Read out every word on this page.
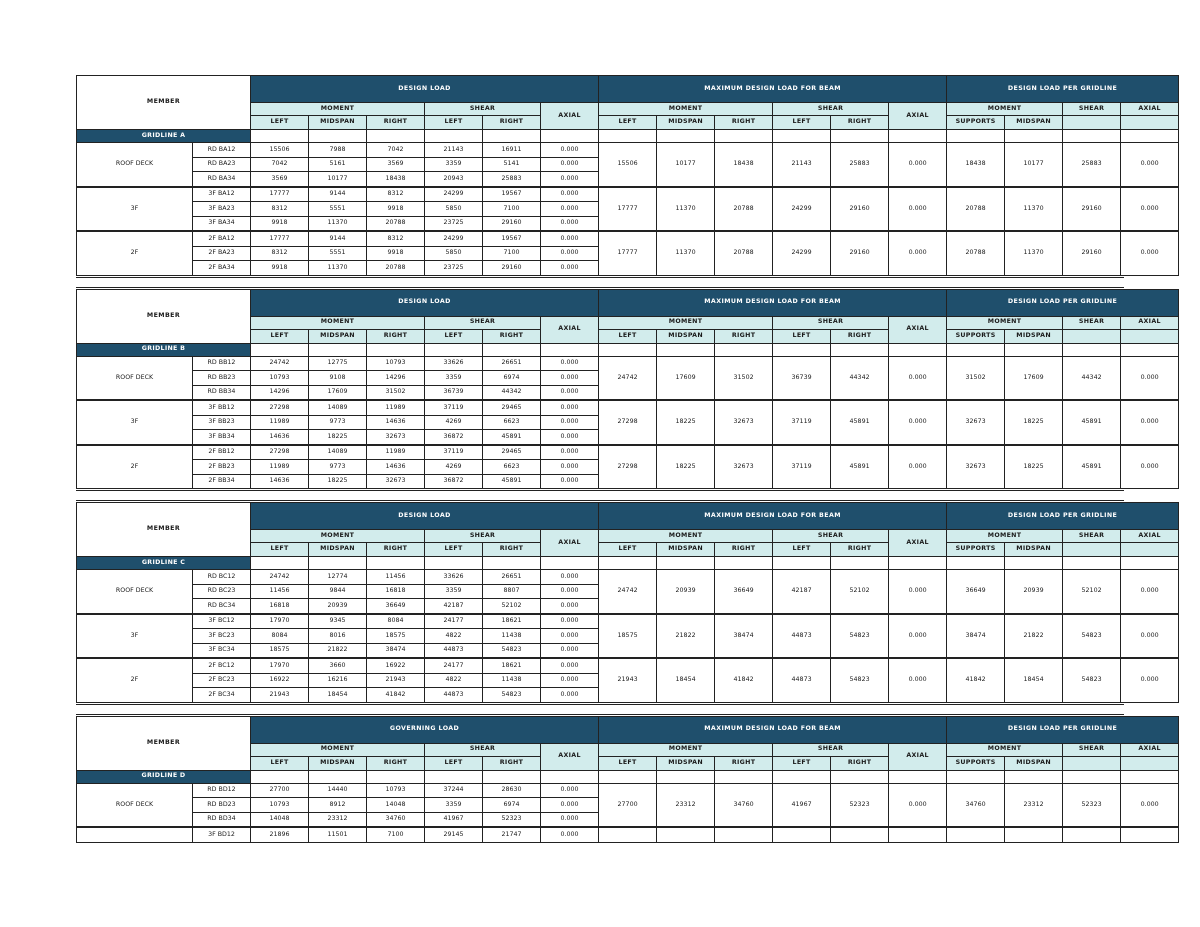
MEMBER		DESIGN LOAD						MAXIMUM DESIGN LOAD FOR BEAM						DESIGN LOAD PER GRIDLINE			
		MOMENT			SHEAR		AXIAL	MOMENT			SHEAR		AXIAL	MOMENT		SHEAR	AXIAL
		LEFT	MIDSPAN	RIGHT	LEFT	RIGHT		LEFT	MIDSPAN	RIGHT	LEFT	RIGHT		SUPPORTS	MIDSPAN		
GRIDLINE A																	
ROOF DECK	RD BA12	15506	7988	7042	21143	16911	0.000	15506	10177	18438	21143	25883	0.000	18438	10177	25883	0.000
	RD BA23	7042	5161	3569	3359	5141	0.000										
	RD BA34	3569	10177	18438	20943	25883	0.000										
3F	3F BA12	17777	9144	8312	24299	19567	0.000	17777	11370	20788	24299	29160	0.000	20788	11370	29160	0.000
	3F BA23	8312	5551	9918	5850	7100	0.000										
	3F BA34	9918	11370	20788	23725	29160	0.000										
2F	2F BA12	17777	9144	8312	24299	19567	0.000	17777	11370	20788	24299	29160	0.000	20788	11370	29160	0.000
	2F BA23	8312	5551	9918	5850	7100	0.000										
	2F BA34	9918	11370	20788	23725	29160	0.000										
MEMBER		DESIGN LOAD						MAXIMUM DESIGN LOAD FOR BEAM						DESIGN LOAD PER GRIDLINE			
		MOMENT			SHEAR		AXIAL	MOMENT			SHEAR		AXIAL	MOMENT		SHEAR	AXIAL
		LEFT	MIDSPAN	RIGHT	LEFT	RIGHT		LEFT	MIDSPAN	RIGHT	LEFT	RIGHT		SUPPORTS	MIDSPAN		
GRIDLINE B																	
ROOF DECK	RD BB12	24742	12775	10793	33626	26651	0.000	24742	17609	31502	36739	44342	0.000	31502	17609	44342	0.000
	RD BB23	10793	9108	14296	3359	6974	0.000										
	RD BB34	14296	17609	31502	36739	44342	0.000										
3F	3F BB12	27298	14089	11989	37119	29465	0.000	27298	18225	32673	37119	45891	0.000	32673	18225	45891	0.000
	3F BB23	11989	9773	14636	4269	6623	0.000										
	3F BB34	14636	18225	32673	36872	45891	0.000										
2F	2F BB12	27298	14089	11989	37119	29465	0.000	27298	18225	32673	37119	45891	0.000	32673	18225	45891	0.000
	2F BB23	11989	9773	14636	4269	6623	0.000										
	2F BB34	14636	18225	32673	36872	45891	0.000										
MEMBER		DESIGN LOAD						MAXIMUM DESIGN LOAD FOR BEAM						DESIGN LOAD PER GRIDLINE			
		MOMENT			SHEAR		AXIAL	MOMENT			SHEAR		AXIAL	MOMENT		SHEAR	AXIAL
		LEFT	MIDSPAN	RIGHT	LEFT	RIGHT		LEFT	MIDSPAN	RIGHT	LEFT	RIGHT		SUPPORTS	MIDSPAN		
GRIDLINE C																	
ROOF DECK	RD BC12	24742	12774	11456	33626	26651	0.000	24742	20939	36649	42187	52102	0.000	36649	20939	52102	0.000
	RD BC23	11456	9844	16818	3359	8807	0.000										
	RD BC34	16818	20939	36649	42187	52102	0.000										
3F	3F BC12	17970	9345	8084	24177	18621	0.000	18575	21822	38474	44873	54823	0.000	38474	21822	54823	0.000
	3F BC23	8084	8016	18575	4822	11438	0.000										
	3F BC34	18575	21822	38474	44873	54823	0.000										
2F	2F BC12	17970	3660	16922	24177	18621	0.000	21943	18454	41842	44873	54823	0.000	41842	18454	54823	0.000
	2F BC23	16922	16216	21943	4822	11438	0.000										
	2F BC34	21943	18454	41842	44873	54823	0.000										
MEMBER		GOVERNING LOAD						MAXIMUM DESIGN LOAD FOR BEAM						DESIGN LOAD PER GRIDLINE			
		MOMENT			SHEAR		AXIAL	MOMENT			SHEAR		AXIAL	MOMENT		SHEAR	AXIAL
		LEFT	MIDSPAN	RIGHT	LEFT	RIGHT		LEFT	MIDSPAN	RIGHT	LEFT	RIGHT		SUPPORTS	MIDSPAN		
GRIDLINE D																	
ROOF DECK	RD BD12	27700	14440	10793	37244	28630	0.000	27700	23312	34760	41967	52323	0.000	34760	23312	52323	0.000
	RD BD23	10793	8912	14048	3359	6974	0.000										
	RD BD34	14048	23312	34760	41967	52323	0.000										
	3F BD12	21896	11501	7100	29145	21747	0.000										
